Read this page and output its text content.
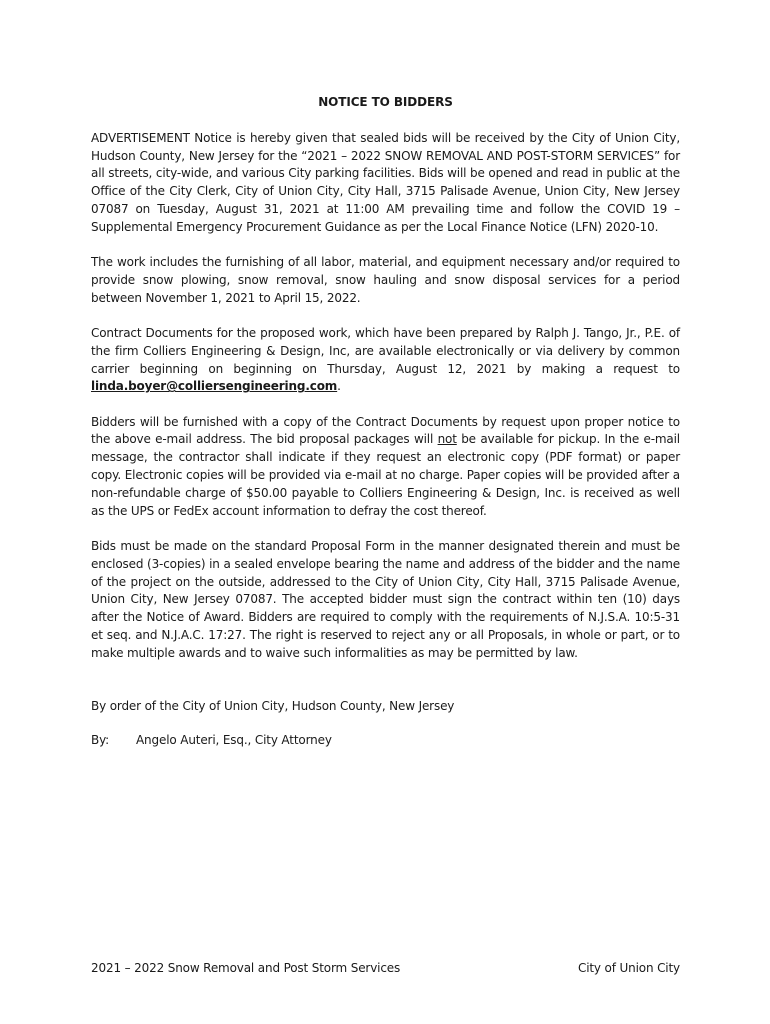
NOTICE TO BIDDERS

ADVERTISEMENT Notice is hereby given that sealed bids will be received by the City of Union City, Hudson County, New Jersey for the “2021 – 2022 SNOW REMOVAL AND POST-STORM SERVICES” for all streets, city-wide, and various City parking facilities. Bids will be opened and read in public at the Office of the City Clerk, City of Union City, City Hall, 3715 Palisade Avenue, Union City, New Jersey 07087 on Tuesday, August 31, 2021 at 11:00 AM prevailing time and follow the COVID 19 – Supplemental Emergency Procurement Guidance as per the Local Finance Notice (LFN) 2020-10.

The work includes the furnishing of all labor, material, and equipment necessary and/or required to provide snow plowing, snow removal, snow hauling and snow disposal services for a period between November 1, 2021 to April 15, 2022.

Contract Documents for the proposed work, which have been prepared by Ralph J. Tango, Jr., P.E. of the firm Colliers Engineering & Design, Inc, are available electronically or via delivery by common carrier beginning on beginning on Thursday, August 12, 2021 by making a request to linda.boyer@colliersengineering.com.

Bidders will be furnished with a copy of the Contract Documents by request upon proper notice to the above e-mail address. The bid proposal packages will not be available for pickup. In the e-mail message, the contractor shall indicate if they request an electronic copy (PDF format) or paper copy. Electronic copies will be provided via e-mail at no charge. Paper copies will be provided after a non-refundable charge of $50.00 payable to Colliers Engineering & Design, Inc. is received as well as the UPS or FedEx account information to defray the cost thereof.

Bids must be made on the standard Proposal Form in the manner designated therein and must be enclosed (3-copies) in a sealed envelope bearing the name and address of the bidder and the name of the project on the outside, addressed to the City of Union City, City Hall, 3715 Palisade Avenue, Union City, New Jersey 07087. The accepted bidder must sign the contract within ten (10) days after the Notice of Award. Bidders are required to comply with the requirements of N.J.S.A. 10:5-31 et seq. and N.J.A.C. 17:27. The right is reserved to reject any or all Proposals, in whole or part, or to make multiple awards and to waive such informalities as may be permitted by law.

By order of the City of Union City, Hudson County, New Jersey
By:	Angelo Auteri, Esq., City Attorney
2021 – 2022 Snow Removal and Post Storm Services	City of Union City
